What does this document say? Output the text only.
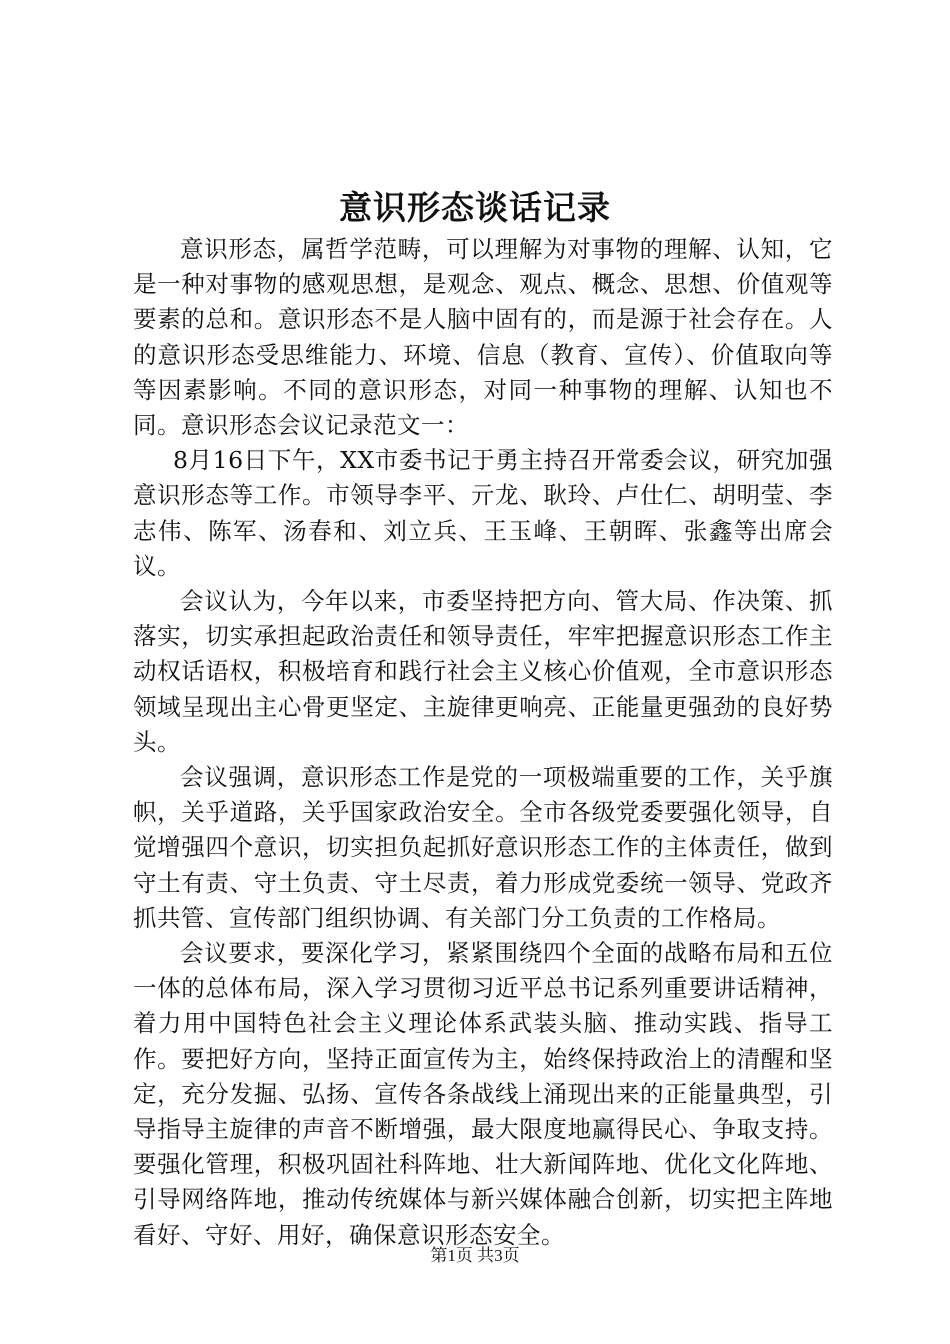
意识形态谈话记录

意识形态，属哲学范畴，可以理解为对事物的理解、认知，它是一种对事物的感观思想，是观念、观点、概念、思想、价值观等要素的总和。意识形态不是人脑中固有的，而是源于社会存在。人的意识形态受思维能力、环境、信息（教育、宣传）、价值取向等等因素影响。不同的意识形态，对同一种事物的理解、认知也不同。意识形态会议记录范文一：

8月16日下午，XX市委书记于勇主持召开常委会议，研究加强意识形态等工作。市领导李平、亓龙、耿玲、卢仕仁、胡明莹、李志伟、陈军、汤春和、刘立兵、王玉峰、王朝晖、张鑫等出席会议。

会议认为，今年以来，市委坚持把方向、管大局、作决策、抓落实，切实承担起政治责任和领导责任，牢牢把握意识形态工作主动权话语权，积极培育和践行社会主义核心价值观，全市意识形态领域呈现出主心骨更坚定、主旋律更响亮、正能量更强劲的良好势头。

会议强调，意识形态工作是党的一项极端重要的工作，关乎旗帜，关乎道路，关乎国家政治安全。全市各级党委要强化领导，自觉增强四个意识，切实担负起抓好意识形态工作的主体责任，做到守土有责、守土负责、守土尽责，着力形成党委统一领导、党政齐抓共管、宣传部门组织协调、有关部门分工负责的工作格局。

会议要求，要深化学习，紧紧围绕四个全面的战略布局和五位一体的总体布局，深入学习贯彻习近平总书记系列重要讲话精神，着力用中国特色社会主义理论体系武装头脑、推动实践、指导工作。要把好方向，坚持正面宣传为主，始终保持政治上的清醒和坚定，充分发掘、弘扬、宣传各条战线上涌现出来的正能量典型，引导指导主旋律的声音不断增强，最大限度地赢得民心、争取支持。要强化管理，积极巩固社科阵地、壮大新闻阵地、优化文化阵地、引导网络阵地，推动传统媒体与新兴媒体融合创新，切实把主阵地看好、守好、用好，确保意识形态安全。

第1页 共3页
